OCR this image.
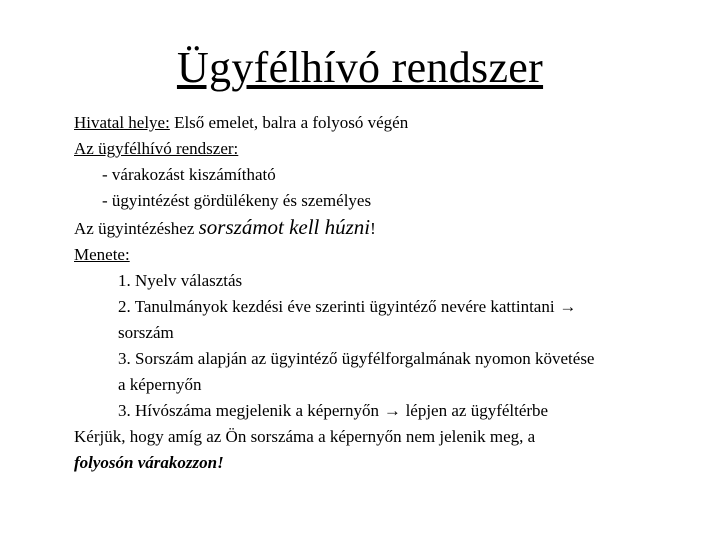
Ügyfélhívó rendszer
Hivatal helye: Első emelet, balra a folyosó végén
Az ügyfélhívó rendszer:
- várakozást kiszámítható
- ügyintézést gördülékeny és személyes
Az ügyintézéshez sorszámot kell húzni!
Menete:
1. Nyelv választás
2. Tanulmányok kezdési éve szerinti ügyintéző nevére kattintani →
sorszám
3. Sorszám alapján az ügyintéző ügyfélforgalmának nyomon követése
a képernyőn
3. Hívószáma megjelenik a képernyőn → lépjen az ügyféltérbe
Kérjük, hogy amíg az Ön sorszáma a képernyőn nem jelenik meg, a
folyosón várakozzon!
